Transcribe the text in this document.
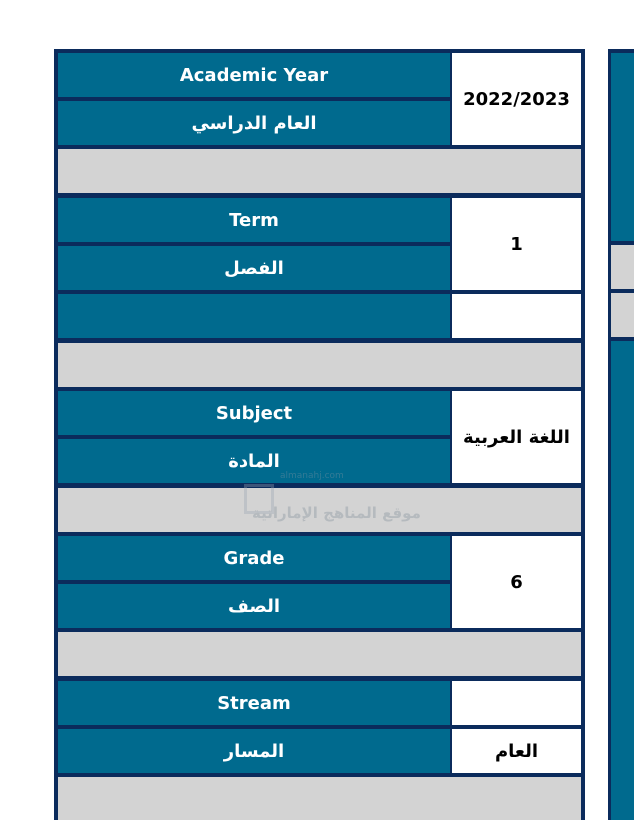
Academic Year
العام الدراسي
2022/2023
Term
الفصل
1
Subject
المادة
اللغة العربية
Grade
الصف
6
Stream
المسار	العام
almanahj.com
موقع المناهج الإماراتية
